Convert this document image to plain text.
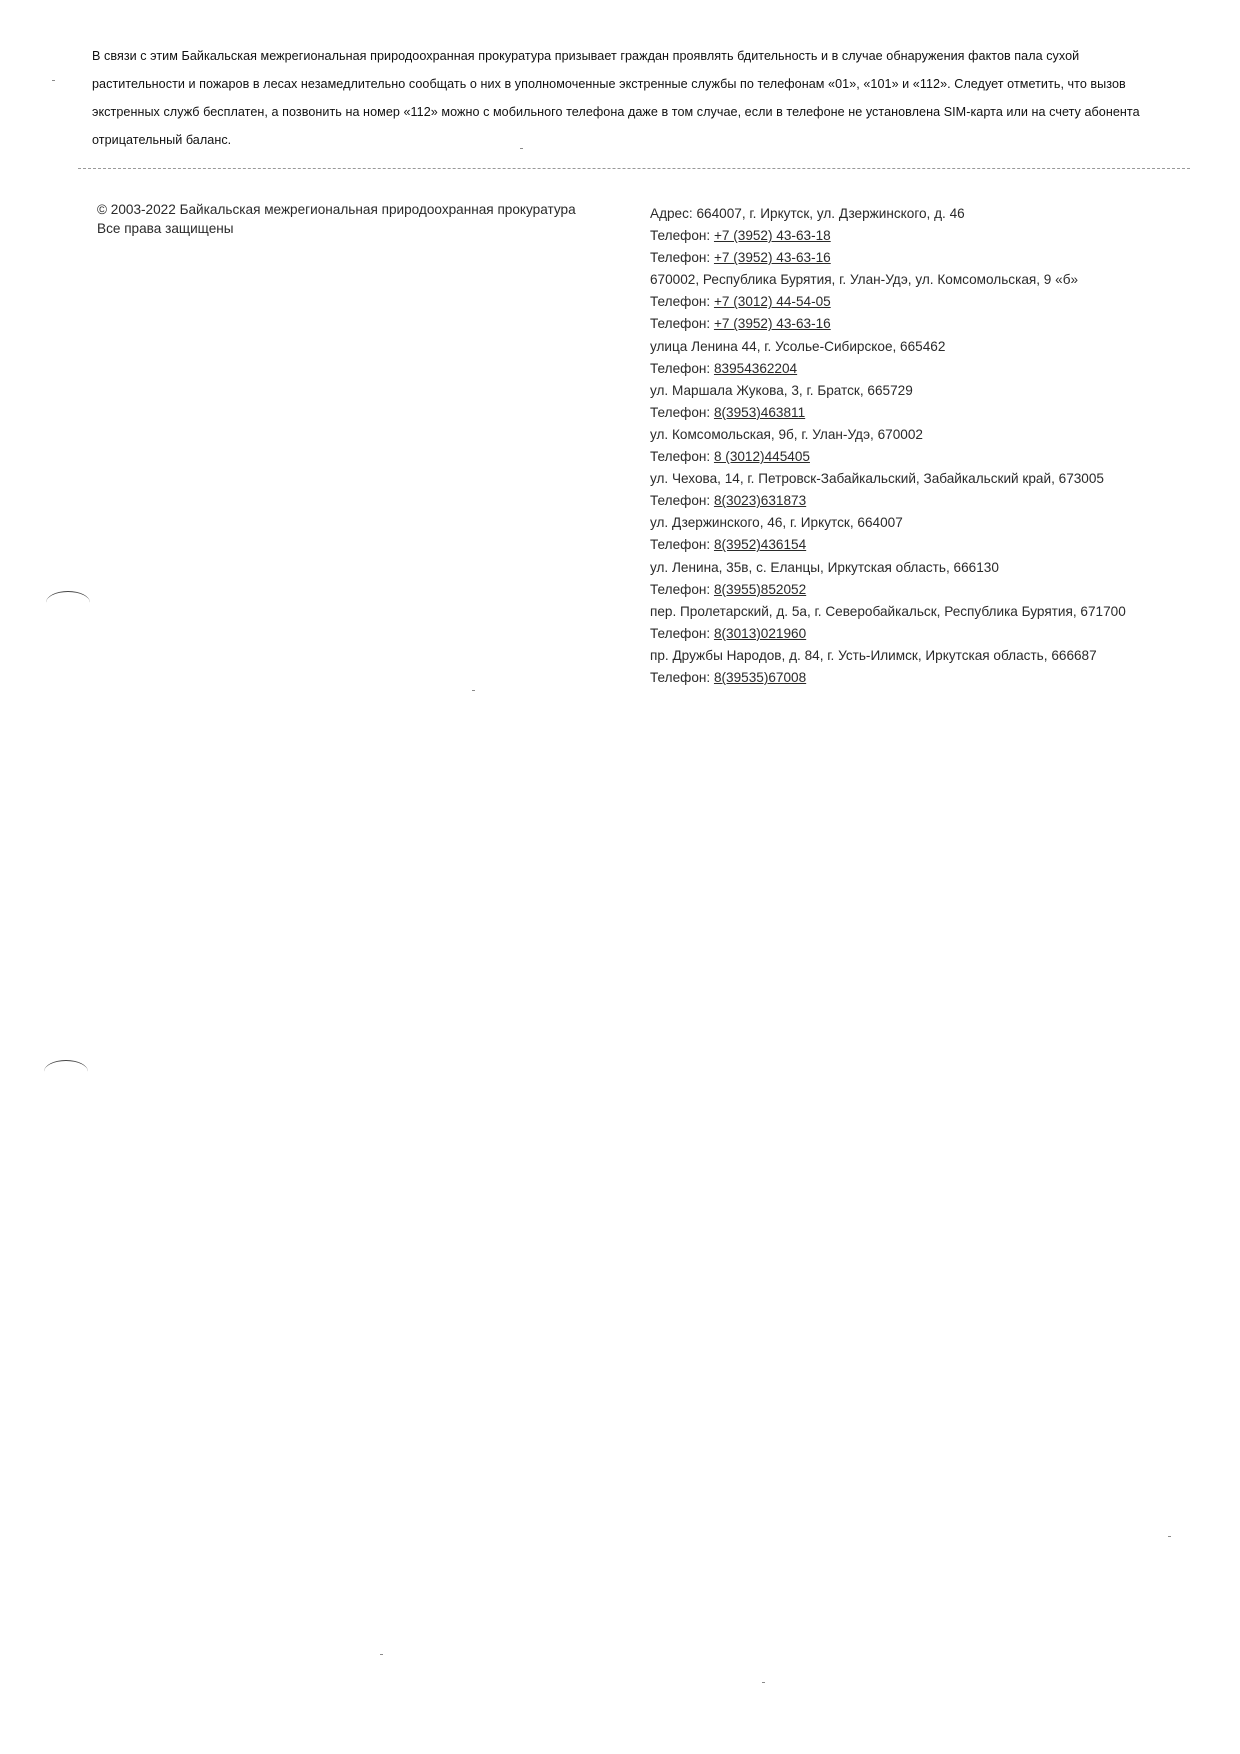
В связи с этим Байкальская межрегиональная природоохранная прокуратура призывает граждан проявлять бдительность и в случае обнаружения фактов пала сухой растительности и пожаров в лесах незамедлительно сообщать о них в уполномоченные экстренные службы по телефонам «01», «101» и «112». Следует отметить, что вызов экстренных служб бесплатен, а позвонить на номер «112» можно с мобильного телефона даже в том случае, если в телефоне не установлена SIM-карта или на счету абонента отрицательный баланс.
© 2003-2022 Байкальская межрегиональная природоохранная прокуратура
Все права защищены
Адрес: 664007, г. Иркутск, ул. Дзержинского, д. 46
Телефон: +7 (3952) 43-63-18
Телефон: +7 (3952) 43-63-16
670002, Республика Бурятия, г. Улан-Удэ, ул. Комсомольская, 9 «б»
Телефон: +7 (3012) 44-54-05
Телефон: +7 (3952) 43-63-16
улица Ленина 44, г. Усолье-Сибирское, 665462
Телефон: 83954362204
ул. Маршала Жукова, 3, г. Братск, 665729
Телефон: 8(3953)463811
ул. Комсомольская, 9б, г. Улан-Удэ, 670002
Телефон: 8 (3012)445405
ул. Чехова, 14, г. Петровск-Забайкальский, Забайкальский край, 673005
Телефон: 8(3023)631873
ул. Дзержинского, 46, г. Иркутск, 664007
Телефон: 8(3952)436154
ул. Ленина, 35в, с. Еланцы, Иркутская область, 666130
Телефон: 8(3955)852052
пер. Пролетарский, д. 5а, г. Северобайкальск, Республика Бурятия, 671700
Телефон: 8(3013)021960
пр. Дружбы Народов, д. 84, г. Усть-Илимск, Иркутская область, 666687
Телефон: 8(39535)67008
